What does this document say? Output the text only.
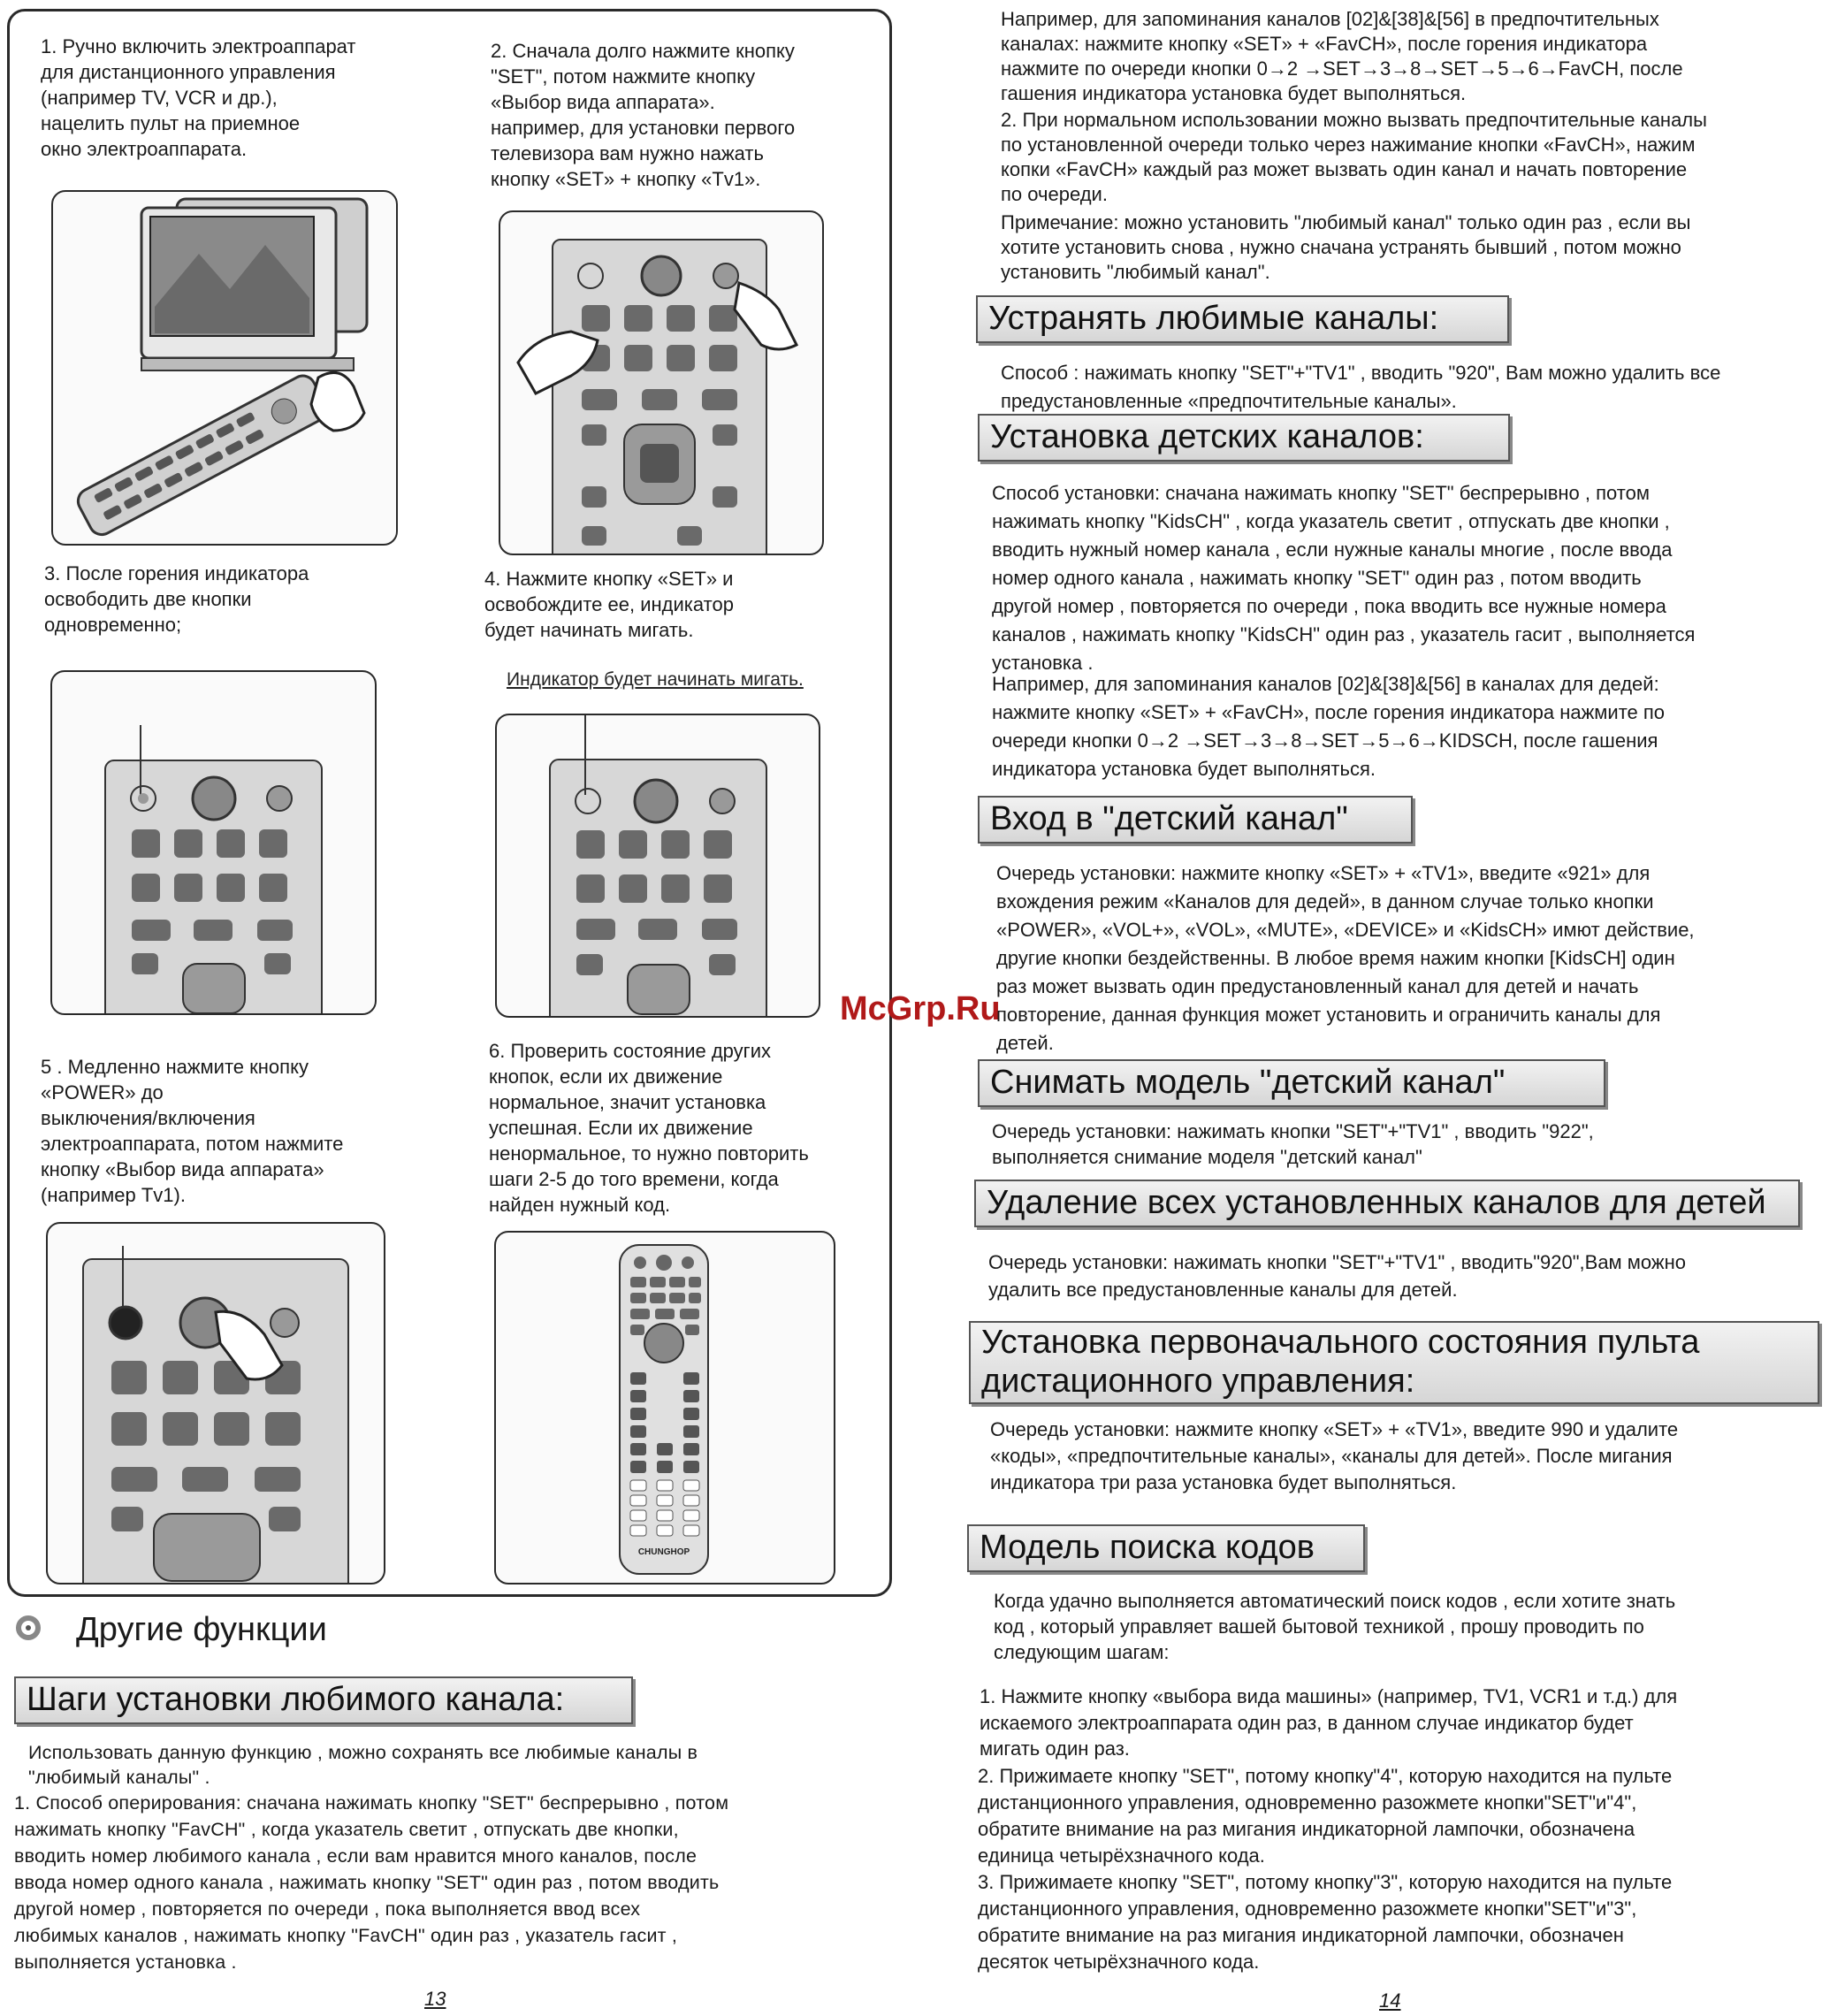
1. Ручно включить электроаппарат
для дистанционного управления
(например TV, VCR и др.),
нацелить пульт на приемное
окно электроаппарата.
2. Сначала долго нажмите кнопку
"SET", потом нажмите кнопку
«Выбор вида аппарата».
например, для установки первого
телевизора вам нужно нажать
кнопку «SET» + кнопку «Tv1».
3. После горения индикатора
освободить две кнопки
одновременно;
4. Нажмите кнопку «SET» и
освобождите ее, индикатор
будет начинать мигать.
Индикатор будет начинать мигать.
5 . Медленно нажмите кнопку
«POWER» до
выключения/включения
электроаппарата, потом нажмите
кнопку «Выбор вида аппарата»
(например Tv1).
6. Проверить состояние других
кнопок, если их движение
нормальное, значит установка
успешная. Если их движение
ненормальное, то нужно повторить
шаги 2-5 до того времени, когда
найден нужный код.
CHUNGHOP
Другие функции
Шаги установки любимого канала:
Использовать данную функцию , можно сохранять все любимые каналы в
"любимый каналы" .
1. Способ оперирования: сначана нажимать кнопку "SET" беспрерывно , потом
нажимать кнопку "FavCH" , когда указатель светит , отпускать две кнопки,
вводить номер любимого канала , если вам нравится много каналов, после
ввода номер одного канала , нажимать кнопку "SET" один раз , потом вводить
другой номер , повторяется по очереди , пока выполняется ввод всех
любимых каналов , нажимать кнопку "FavCH" один раз , указатель гасит ,
выполняется установка .
13
McGrp.Ru
Например, для запоминания каналов [02]&[38]&[56] в предпочтительных
каналах: нажмите кнопку «SET» + «FavCH», после горения индикатора
нажмите по очереди кнопки 0→2 →SET→3→8→SET→5→6→FavCH, после
гашения индикатора установка будет выполняться.
2. При нормальном использовании можно вызвать предпочтительные каналы
по установленной очереди только через нажимание кнопки «FavCH», нажим
копки «FavCH» каждый раз может вызвать один канал и начать повторение
по очереди.
Примечание: можно установить "любимый канал" только один раз , если вы
хотите установить снова , нужно сначана устранять бывший , потом можно
установить "любимый канал".
Устранять любимые каналы:
Способ : нажимать кнопку "SET"+"TV1" , вводить "920", Вам можно удалить все
предустановленные «предпочтительные каналы».
Установка детских каналов:
Способ установки: сначана нажимать кнопку "SET" беспрерывно , потом
нажимать кнопку "KidsCH" , когда указатель светит , отпускать две кнопки ,
вводить нужный номер канала , если нужные каналы многие , после ввода
номер одного канала , нажимать кнопку "SET" один раз , потом вводить
другой номер , повторяется по очереди , пока вводить все нужные номера
каналов , нажимать кнопку "KidsCH" один раз , указатель гасит , выполняется
установка .
Например, для запоминания каналов [02]&[38]&[56] в каналах для дедей:
нажмите кнопку «SET» + «FavCH», после горения индикатора нажмите по
очереди кнопки 0→2 →SET→3→8→SET→5→6→KIDSCH, после гашения
индикатора установка будет выполняться.
Вход в "детский канал"
Очередь установки: нажмите кнопку «SET» + «TV1», введите «921» для
вхождения режим «Каналов для дедей», в данном случае только кнопки
«POWER», «VOL+», «VOL», «MUTE», «DEVICE» и «KidsCH» имют действие,
другие кнопки бездейственны. В любое время нажим кнопки [KidsCH] один
раз может вызвать один предустановленный канал для детей и начать
повторение, данная функция может установить и ограничить каналы для
детей.
Снимать модель "детский канал"
Очередь установки: нажимать кнопки "SET"+"TV1" , вводить "922",
выполняется снимание моделя "детский канал"
Удаление всех установленных каналов для детей
Очередь установки: нажимать кнопки "SET"+"TV1" , вводить"920",Вам можно
удалить все предустановленные каналы для детей.
Установка первоначального состояния пульта
дистационного управления:
Очередь установки: нажмите кнопку «SET» + «TV1», введите 990 и удалите
«коды», «предпочтительные каналы», «каналы для детей». После мигания
индикатора три раза установка будет выполняться.
Модель поиска кодов
Когда удачно выполняется автоматический поиск кодов , если хотите знать
код , который управляет вашей бытовой техникой , прошу проводить по
следующим шагам:
1. Нажмите кнопку «выбора вида машины» (например, TV1, VCR1 и т.д.) для
искаемого электроаппарата один раз, в данном случае индикатор будет
мигать один раз.
2. Прижимаете кнопку "SET", потому кнопку"4", которую находится на пульте
дистанционного управления, одновременно разожмете кнопки"SET"и"4",
обратите внимание на раз мигания индикаторной лампочки, обозначена
единица четырёхзначного кода.
3. Прижимаете кнопку "SET", потому кнопку"3", которую находится на пульте
дистанционного управления, одновременно разожмете кнопки"SET"и"3",
обратите внимание на раз мигания индикаторной лампочки, обозначен
десяток четырёхзначного кода.
14
